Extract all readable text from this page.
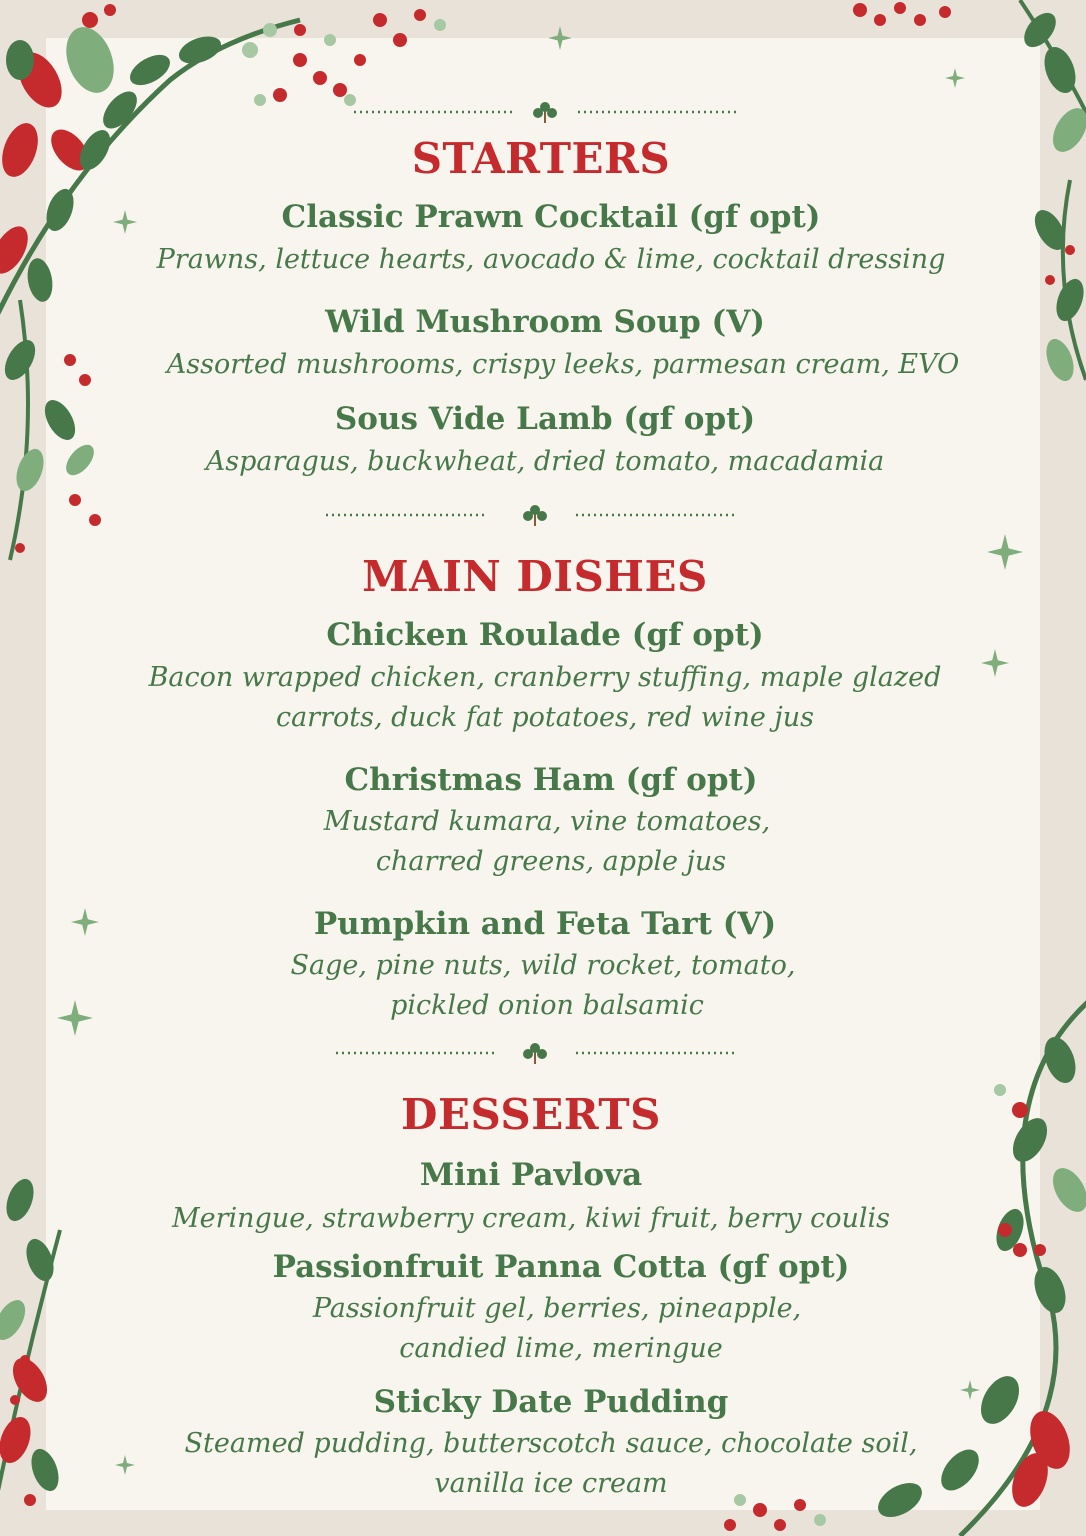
STARTERS
Classic Prawn Cocktail (gf opt)
Prawns, lettuce hearts, avocado & lime, cocktail dressing
Wild Mushroom Soup (V)
Assorted mushrooms, crispy leeks, parmesan cream, EVO
Sous Vide Lamb (gf opt)
Asparagus, buckwheat, dried tomato, macadamia
MAIN DISHES
Chicken Roulade (gf opt)
Bacon wrapped chicken, cranberry stuffing, maple glazed
carrots, duck fat potatoes, red wine jus
Christmas Ham (gf opt)
Mustard kumara, vine tomatoes,
charred greens, apple jus
Pumpkin and Feta Tart (V)
Sage, pine nuts, wild rocket, tomato,
pickled onion balsamic
DESSERTS
Mini Pavlova
Meringue, strawberry cream, kiwi fruit, berry coulis
Passionfruit Panna Cotta (gf opt)
Passionfruit gel, berries, pineapple,
candied lime, meringue
Sticky Date Pudding
Steamed pudding, butterscotch sauce, chocolate soil,
vanilla ice cream
